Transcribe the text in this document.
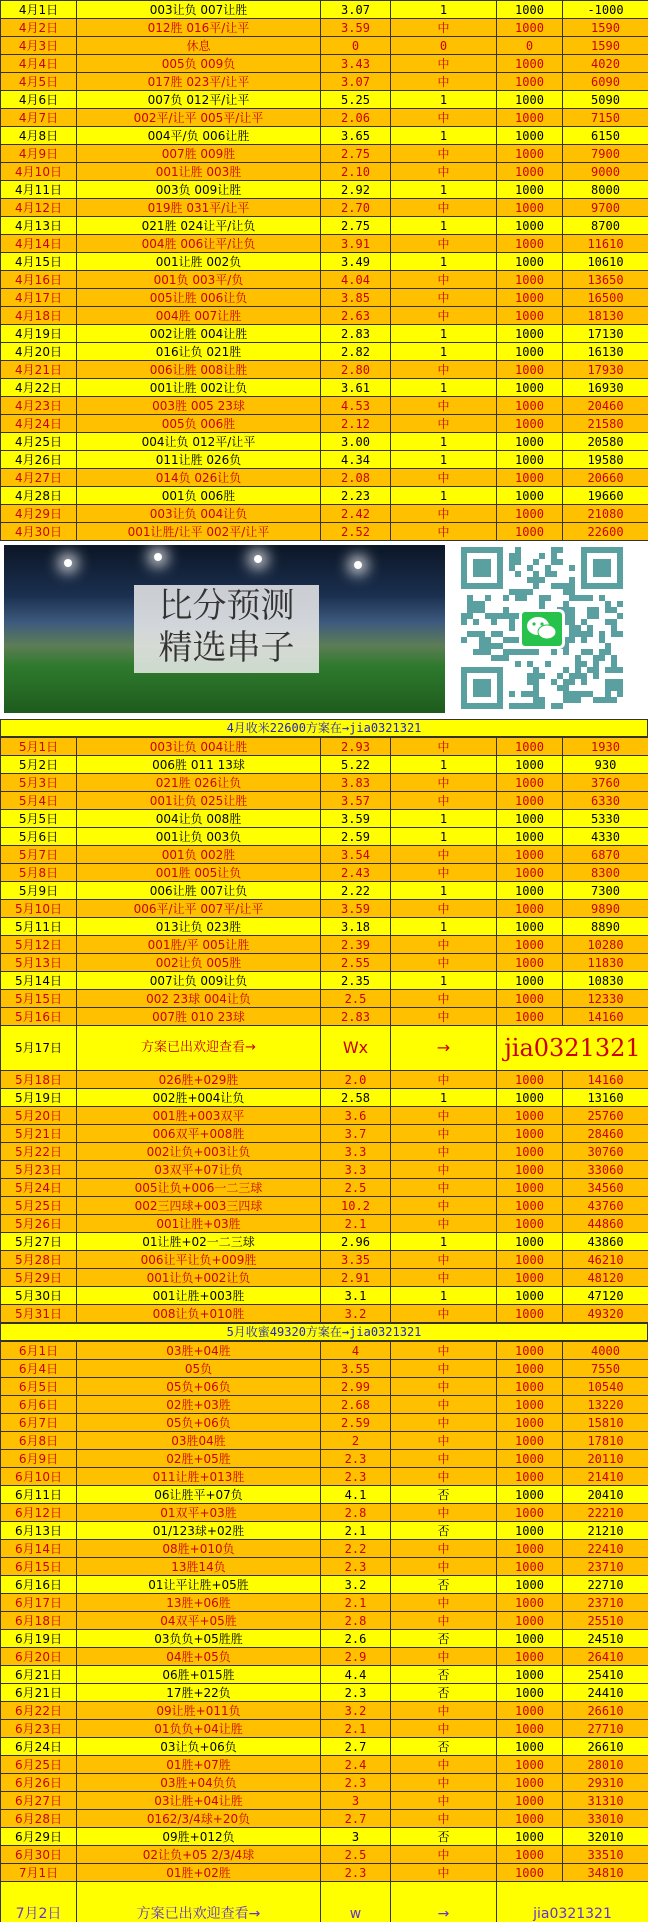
4月1日	003让负 007让胜	3.07	1	1000	-1000
4月2日	012胜 016平/让平	3.59	中	1000	1590
4月3日	休息	0	0	0	1590
4月4日	005负 009负	3.43	中	1000	4020
4月5日	017胜 023平/让平	3.07	中	1000	6090
4月6日	007负 012平/让平	5.25	1	1000	5090
4月7日	002平/让平 005平/让平	2.06	中	1000	7150
4月8日	004平/负 006让胜	3.65	1	1000	6150
4月9日	007胜 009胜	2.75	中	1000	7900
4月10日	001让胜 003胜	2.10	中	1000	9000
4月11日	003负 009让胜	2.92	1	1000	8000
4月12日	019胜 031平/让平	2.70	中	1000	9700
4月13日	021胜 024让平/让负	2.75	1	1000	8700
4月14日	004胜 006让平/让负	3.91	中	1000	11610
4月15日	001让胜 002负	3.49	1	1000	10610
4月16日	001负 003平/负	4.04	中	1000	13650
4月17日	005让胜 006让负	3.85	中	1000	16500
4月18日	004胜 007让胜	2.63	中	1000	18130
4月19日	002让胜 004让胜	2.83	1	1000	17130
4月20日	016让负 021胜	2.82	1	1000	16130
4月21日	006让胜 008让胜	2.80	中	1000	17930
4月22日	001让胜 002让负	3.61	1	1000	16930
4月23日	003胜 005 23球	4.53	中	1000	20460
4月24日	005负 006胜	2.12	中	1000	21580
4月25日	004让负 012平/让平	3.00	1	1000	20580
4月26日	011让胜 026负	4.34	1	1000	19580
4月27日	014负 026让负	2.08	中	1000	20660
4月28日	001负 006胜	2.23	1	1000	19660
4月29日	003让负 004让负	2.42	中	1000	21080
4月30日	001让胜/让平 002平/让平	2.52	中	1000	22600
比分预测
精选串子
4月收米22600方案在→jia0321321
5月1日	003让负 004让胜	2.93	中	1000	1930
5月2日	006胜 011 13球	5.22	1	1000	930
5月3日	021胜 026让负	3.83	中	1000	3760
5月4日	001让负 025让胜	3.57	中	1000	6330
5月5日	004让负 008胜	3.59	1	1000	5330
5月6日	001让负 003负	2.59	1	1000	4330
5月7日	001负 002胜	3.54	中	1000	6870
5月8日	001胜 005让负	2.43	中	1000	8300
5月9日	006让胜 007让负	2.22	1	1000	7300
5月10日	006平/让平 007平/让平	3.59	中	1000	9890
5月11日	013让负 023胜	3.18	1	1000	8890
5月12日	001胜/平 005让胜	2.39	中	1000	10280
5月13日	002让负 005胜	2.55	中	1000	11830
5月14日	007让负 009让负	2.35	1	1000	10830
5月15日	002 23球 004让负	2.5	中	1000	12330
5月16日	007胜 010 23球	2.83	中	1000	14160
5月17日	方案已出欢迎查看→	Wx	→	jia0321321	
5月18日	026胜+029胜	2.0	中	1000	14160
5月19日	002胜+004让负	2.58	1	1000	13160
5月20日	001胜+003双平	3.6	中	1000	25760
5月21日	006双平+008胜	3.7	中	1000	28460
5月22日	002让负+003让负	3.3	中	1000	30760
5月23日	03双平+07让负	3.3	中	1000	33060
5月24日	005让负+006一二三球	2.5	中	1000	34560
5月25日	002三四球+003三四球	10.2	中	1000	43760
5月26日	001让胜+03胜	2.1	中	1000	44860
5月27日	01让胜+02一二三球	2.96	1	1000	43860
5月28日	006让平让负+009胜	3.35	中	1000	46210
5月29日	001让负+002让负	2.91	中	1000	48120
5月30日	001让胜+003胜	3.1	1	1000	47120
5月31日	008让负+010胜	3.2	中	1000	49320
5月收蜜49320方案在→jia0321321
6月1日	03胜+04胜	4	中	1000	4000
6月4日	05负	3.55	中	1000	7550
6月5日	05负+06负	2.99	中	1000	10540
6月6日	02胜+03胜	2.68	中	1000	13220
6月7日	05负+06负	2.59	中	1000	15810
6月8日	03胜04胜	2	中	1000	17810
6月9日	02胜+05胜	2.3	中	1000	20110
6月10日	011让胜+013胜	2.3	中	1000	21410
6月11日	06让胜平+07负	4.1	否	1000	20410
6月12日	01双平+03胜	2.8	中	1000	22210
6月13日	01/123球+02胜	2.1	否	1000	21210
6月14日	08胜+010负	2.2	中	1000	22410
6月15日	13胜14负	2.3	中	1000	23710
6月16日	01让平让胜+05胜	3.2	否	1000	22710
6月17日	13胜+06胜	2.1	中	1000	23710
6月18日	04双平+05胜	2.8	中	1000	25510
6月19日	03负负+05胜胜	2.6	否	1000	24510
6月20日	04胜+05负	2.9	中	1000	26410
6月21日	06胜+015胜	4.4	否	1000	25410
6月21日	17胜+22负	2.3	否	1000	24410
6月22日	09让胜+011负	3.2	中	1000	26610
6月23日	01负负+04让胜	2.1	中	1000	27710
6月24日	03让负+06负	2.7	否	1000	26610
6月25日	01胜+07胜	2.4	中	1000	28010
6月26日	03胜+04负负	2.3	中	1000	29310
6月27日	03让胜+04让胜	3	中	1000	31310
6月28日	0162/3/4球+20负	2.7	中	1000	33010
6月29日	09胜+012负	3	否	1000	32010
6月30日	02让负+05 2/3/4球	2.5	中	1000	33510
7月1日	01胜+02胜	2.3	中	1000	34810
7月2日	方案已出欢迎查看→	w	→	jia0321321	
